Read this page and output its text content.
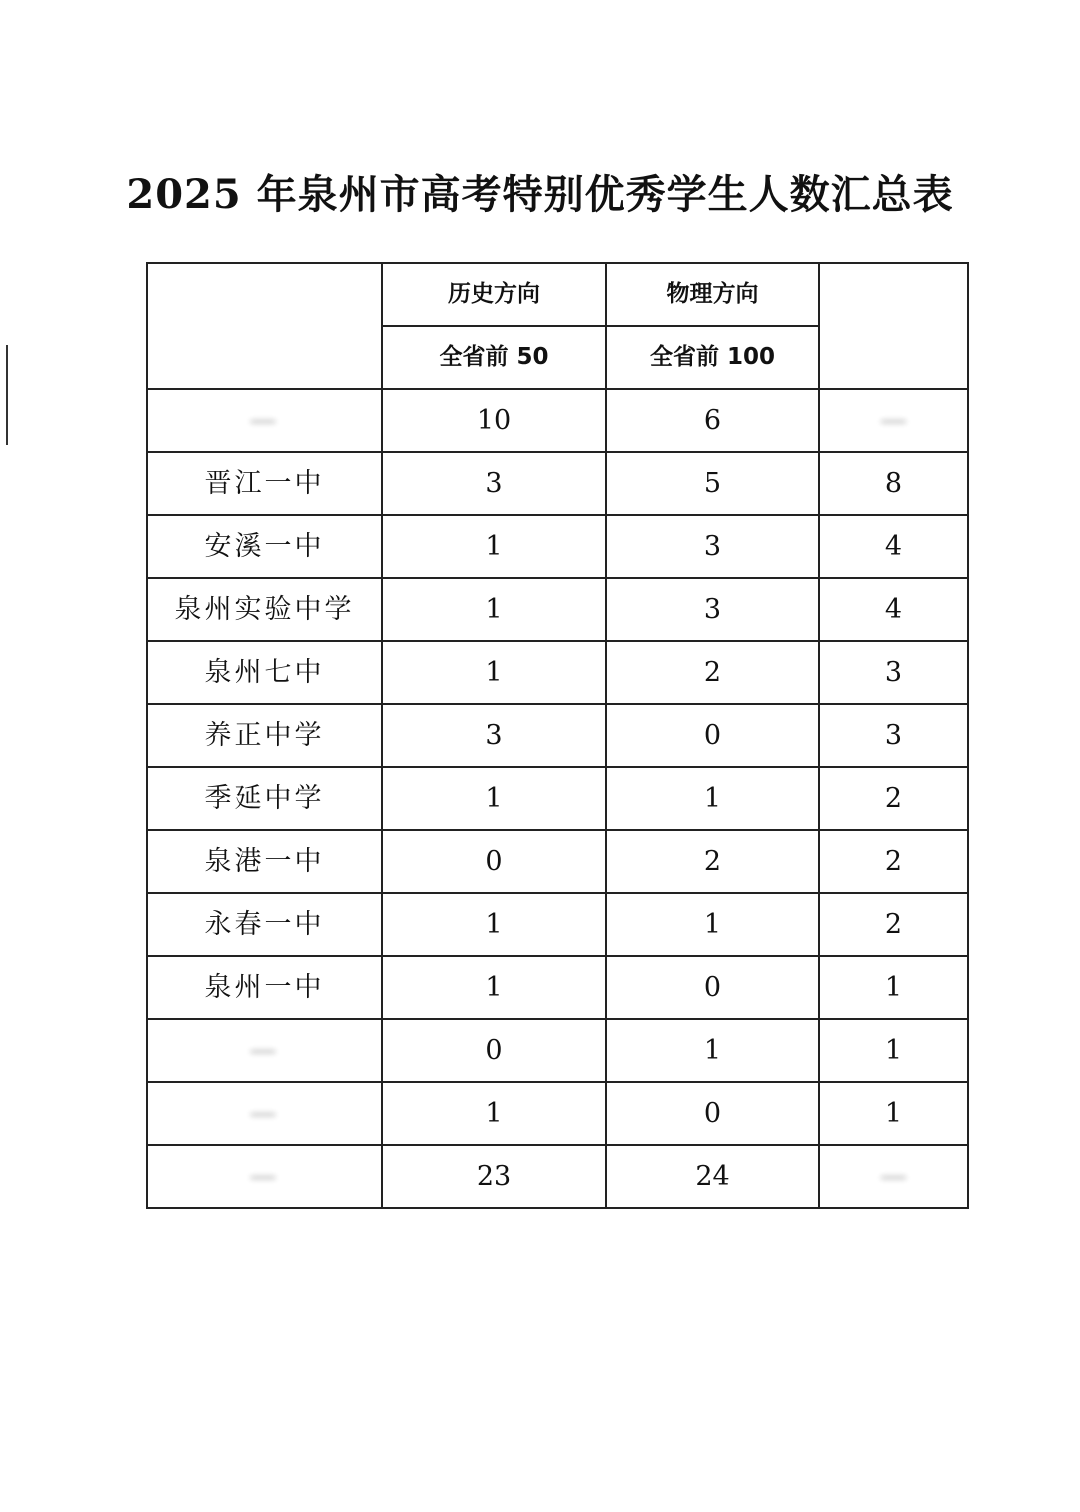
2025 年泉州市高考特别优秀学生人数汇总表
	历史方向	物理方向	
	全省前 50	全省前 100	
—	10	6	—
晋江一中	3	5	8
安溪一中	1	3	4
泉州实验中学	1	3	4
泉州七中	1	2	3
养正中学	3	0	3
季延中学	1	1	2
泉港一中	0	2	2
永春一中	1	1	2
泉州一中	1	0	1
—	0	1	1
—	1	0	1
—	23	24	—
